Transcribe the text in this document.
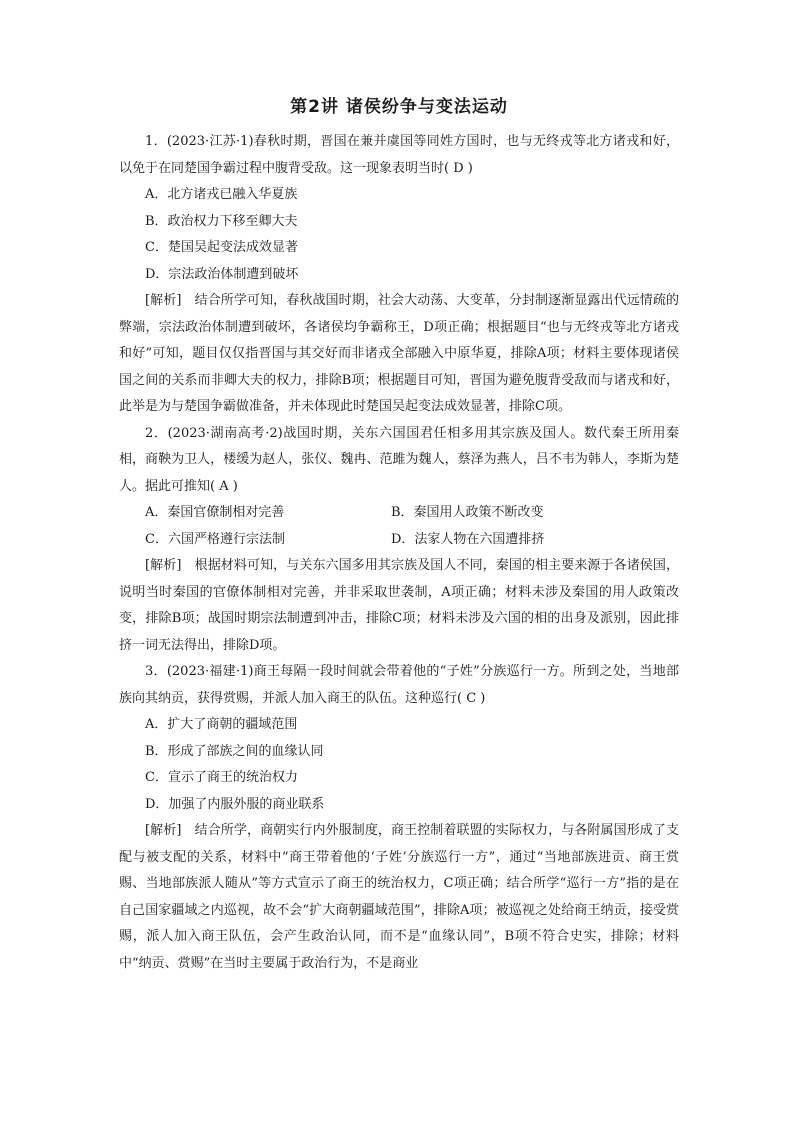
第2讲 诸侯纷争与变法运动

1．(2023·江苏·1)春秋时期，晋国在兼并虞国等同姓方国时，也与无终戎等北方诸戎和好，以免于在同楚国争霸过程中腹背受敌。这一现象表明当时( D )

A．北方诸戎已融入华夏族

B．政治权力下移至卿大夫

C．楚国吴起变法成效显著

D．宗法政治体制遭到破坏

[解析]　 结合所学可知，春秋战国时期，社会大动荡、大变革，分封制逐渐显露出代远情疏的弊端，宗法政治体制遭到破坏，各诸侯均争霸称王，D项正确；根据题目“也与无终戎等北方诸戎和好”可知，题目仅仅指晋国与其交好而非诸戎全部融入中原华夏，排除A项；材料主要体现诸侯国之间的关系而非卿大夫的权力，排除B项；根据题目可知，晋国为避免腹背受敌而与诸戎和好，此举是为与楚国争霸做准备，并未体现此时楚国吴起变法成效显著，排除C项。

2．(2023·湖南高考·2)战国时期，关东六国国君任相多用其宗族及国人。数代秦王所用秦相，商鞅为卫人，楼缓为赵人，张仪、魏冉、范雎为魏人，蔡泽为燕人，吕不韦为韩人，李斯为楚人。据此可推知( A )

A．秦国官僚制相对完善	B．秦国用人政策不断改变
C．六国严格遵行宗法制	D．法家人物在六国遭排挤

[解析]　 根据材料可知，与关东六国多用其宗族及国人不同，秦国的相主要来源于各诸侯国，说明当时秦国的官僚体制相对完善，并非采取世袭制，A项正确；材料未涉及秦国的用人政策改变，排除B项；战国时期宗法制遭到冲击，排除C项；材料未涉及六国的相的出身及派别，因此排挤一词无法得出，排除D项。

3．(2023·福建·1)商王每隔一段时间就会带着他的“子姓”分族巡行一方。所到之处，当地部族向其纳贡，获得赏赐，并派人加入商王的队伍。这种巡行( C )

A．扩大了商朝的疆域范围

B．形成了部族之间的血缘认同

C．宣示了商王的统治权力

D．加强了内服外服的商业联系

[解析]　 结合所学，商朝实行内外服制度，商王控制着联盟的实际权力，与各附属国形成了支配与被支配的关系，材料中“商王带着他的‘子姓’分族巡行一方”，通过“当地部族进贡、商王赏赐、当地部族派人随从”等方式宣示了商王的统治权力，C项正确；结合所学“巡行一方”指的是在自己国家疆域之内巡视，故不会“扩大商朝疆域范围”，排除A项；被巡视之处给商王纳贡，接受赏赐，派人加入商王队伍，会产生政治认同，而不是“血缘认同”，B项不符合史实，排除；材料中“纳贡、赏赐”在当时主要属于政治行为，不是商业
